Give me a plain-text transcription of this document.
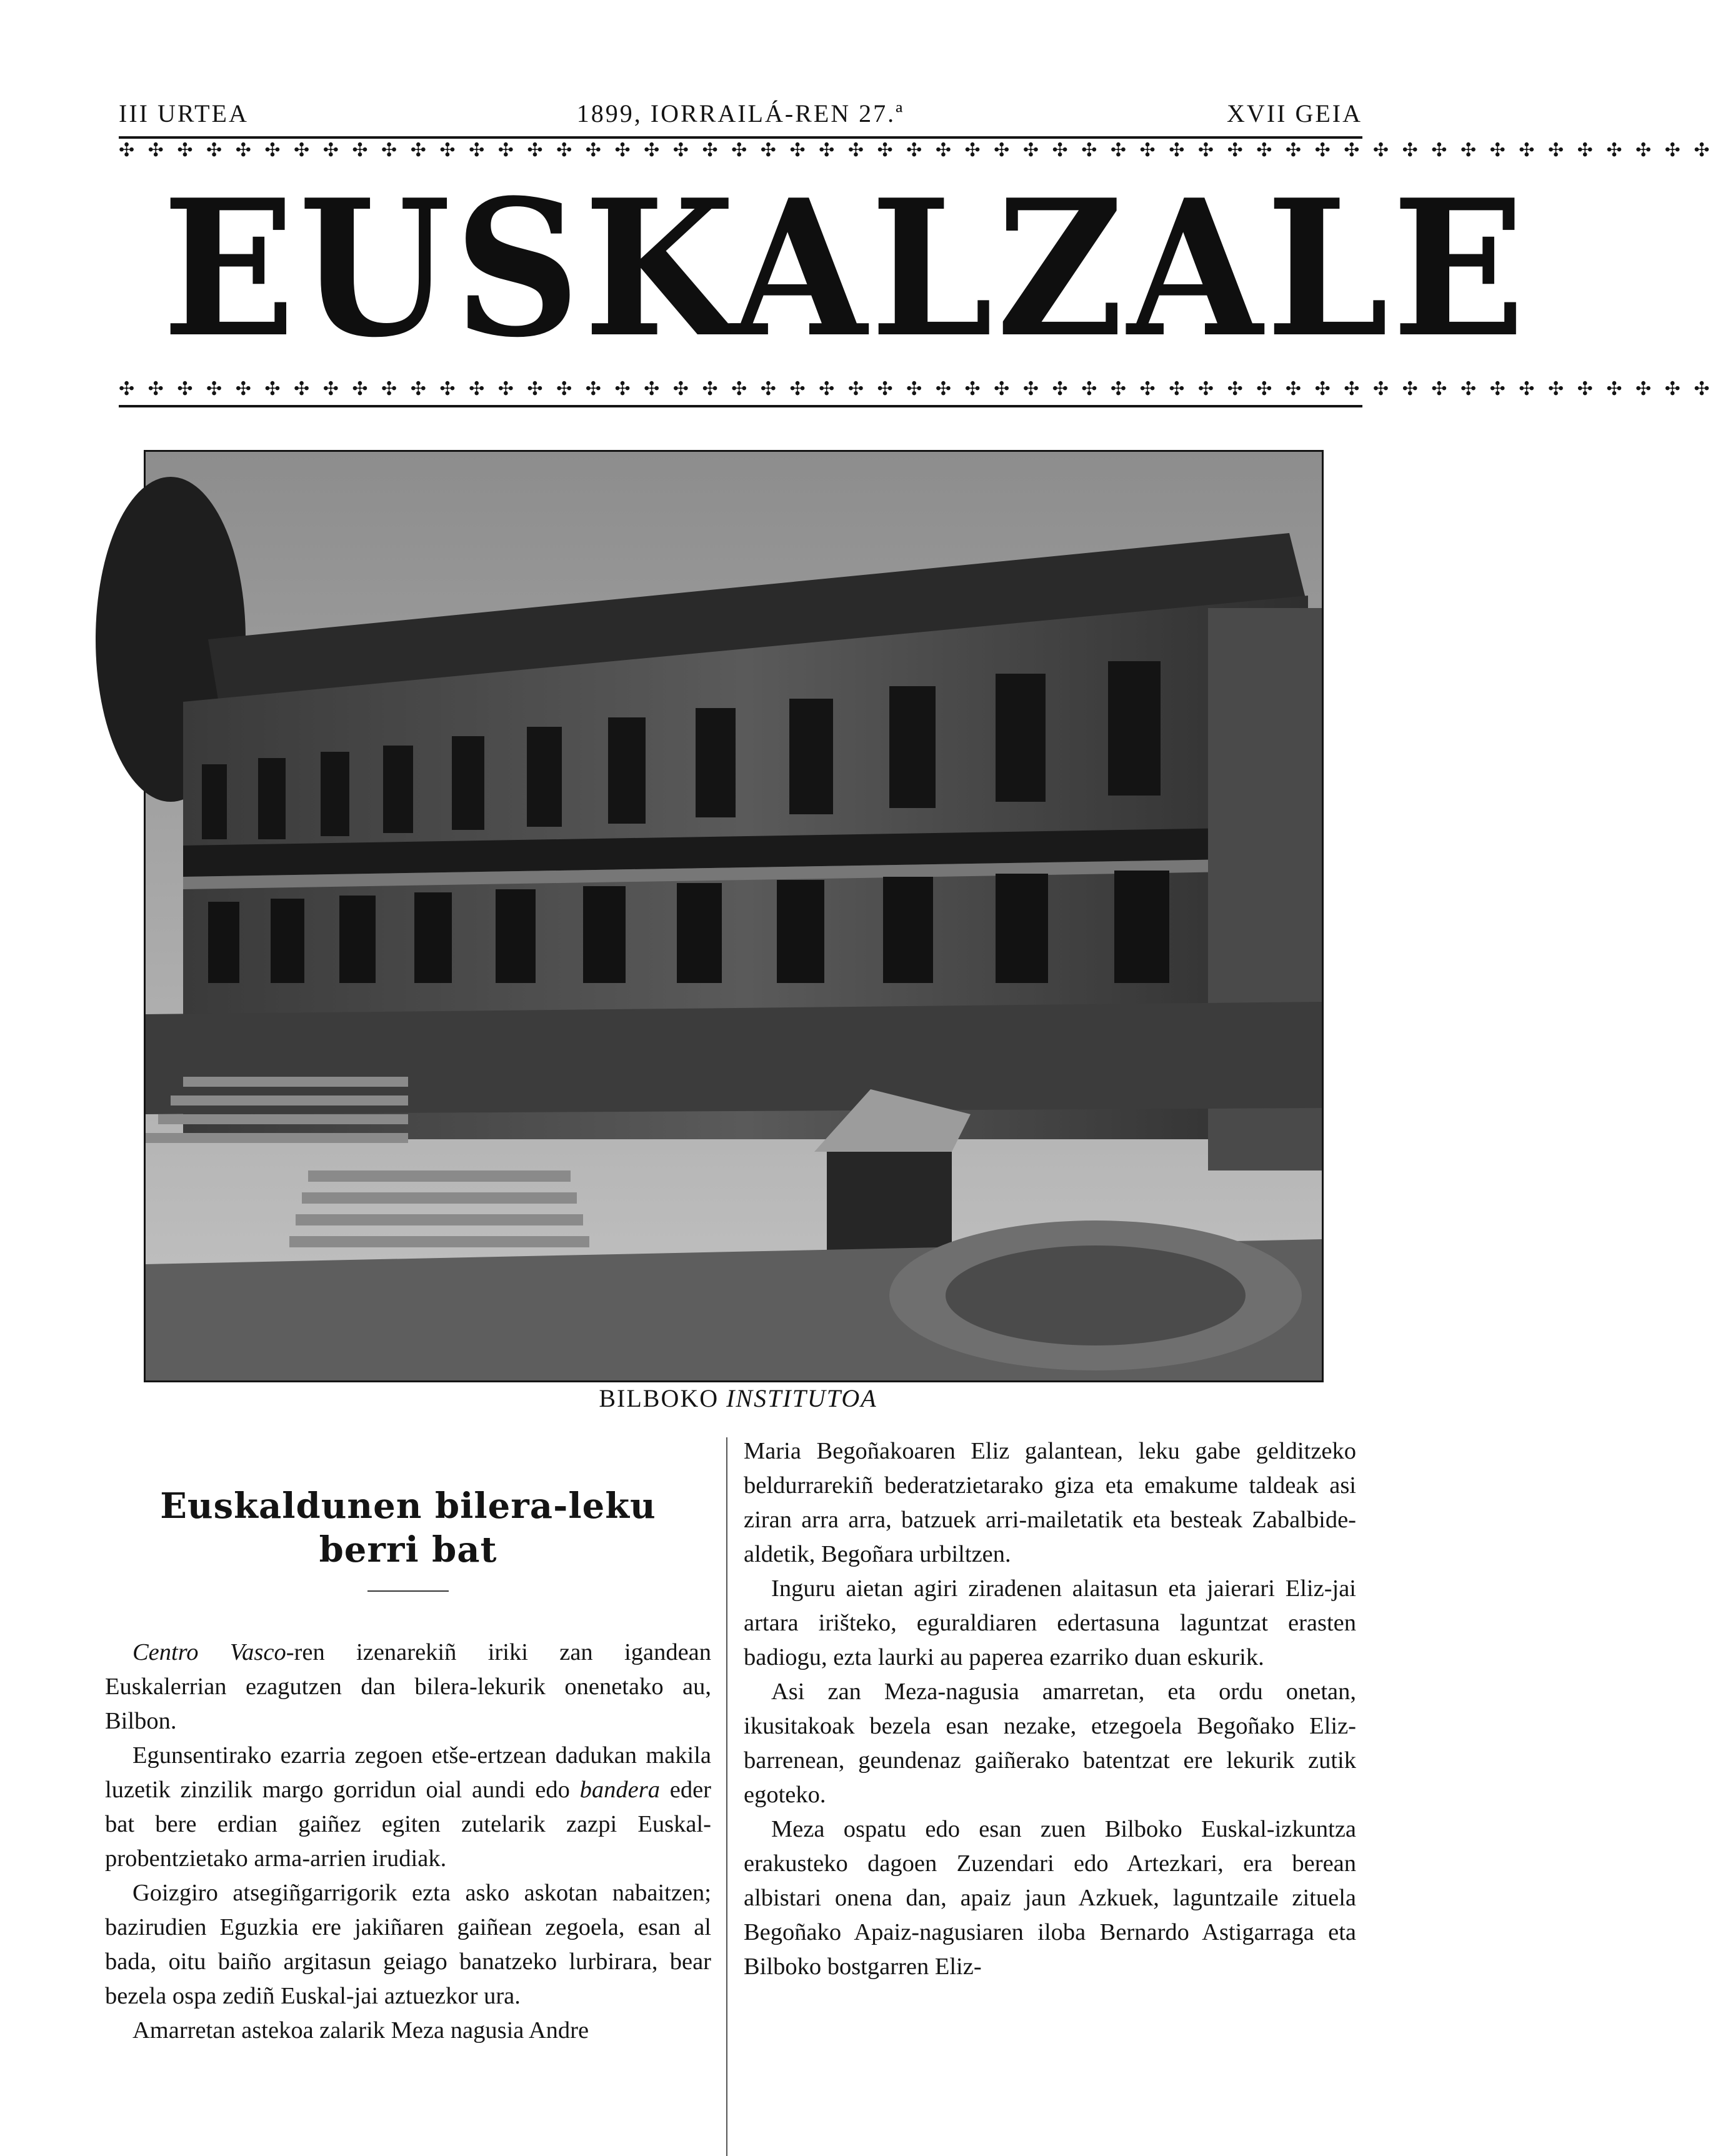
III URTEA	1899, IORRAILÁ-REN 27.ª	XVII GEIA
✣ ✣ ✣ ✣ ✣ ✣ ✣ ✣ ✣ ✣ ✣ ✣ ✣ ✣ ✣ ✣ ✣ ✣ ✣ ✣ ✣ ✣ ✣ ✣ ✣ ✣ ✣ ✣ ✣ ✣ ✣ ✣ ✣ ✣ ✣ ✣ ✣ ✣ ✣ ✣ ✣ ✣ ✣ ✣ ✣ ✣ ✣ ✣ ✣ ✣ ✣ ✣ ✣ ✣ ✣
EUSKALZALE
✣ ✣ ✣ ✣ ✣ ✣ ✣ ✣ ✣ ✣ ✣ ✣ ✣ ✣ ✣ ✣ ✣ ✣ ✣ ✣ ✣ ✣ ✣ ✣ ✣ ✣ ✣ ✣ ✣ ✣ ✣ ✣ ✣ ✣ ✣ ✣ ✣ ✣ ✣ ✣ ✣ ✣ ✣ ✣ ✣ ✣ ✣ ✣ ✣ ✣ ✣ ✣ ✣ ✣ ✣
BILBOKO INSTITUTOA
Euskaldunen bilera-leku berri bat

Centro Vasco-ren izenarekiñ iriki zan igandean Euskalerrian ezagutzen dan bilera-lekurik onenetako au, Bilbon.

Egunsentirako ezarria zegoen etše-ertzean dadukan makila luzetik zinzilik margo gorridun oial aundi edo bandera eder bat bere erdian gaiñez egiten zutelarik zazpi Euskal-probentzietako arma-arrien irudiak.

Goizgiro atsegiñgarrigorik ezta asko askotan nabaitzen; bazirudien Eguzkia ere jakiñaren gaiñean zegoela, esan al bada, oitu baiño argitasun geiago banatzeko lurbirara, bear bezela ospa zediñ Euskal-jai aztuezkor ura.

Amarretan astekoa zalarik Meza nagusia Andre

Maria Begoñakoaren Eliz galantean, leku gabe gelditzeko beldurrarekiñ bederatzietarako giza eta emakume taldeak asi ziran arra arra, batzuek arri-mailetatik eta besteak Zabalbide-aldetik, Begoñara urbiltzen.

Inguru aietan agiri ziradenen alaitasun eta jaierari Eliz-jai artara irišteko, eguraldiaren edertasuna laguntzat erasten badiogu, ezta laurki au paperea ezarriko duan eskurik.

Asi zan Meza-nagusia amarretan, eta ordu onetan, ikusitakoak bezela esan nezake, etzegoela Begoñako Eliz-barrenean, geundenaz gaiñerako batentzat ere lekurik zutik egoteko.

Meza ospatu edo esan zuen Bilboko Euskal-izkuntza erakusteko dagoen Zuzendari edo Artezkari, era berean albistari onena dan, apaiz jaun Azkuek, laguntzaile zituela Begoñako Apaiz-nagusiaren iloba Bernardo Astigarraga eta Bilboko bostgarren Eliz-
